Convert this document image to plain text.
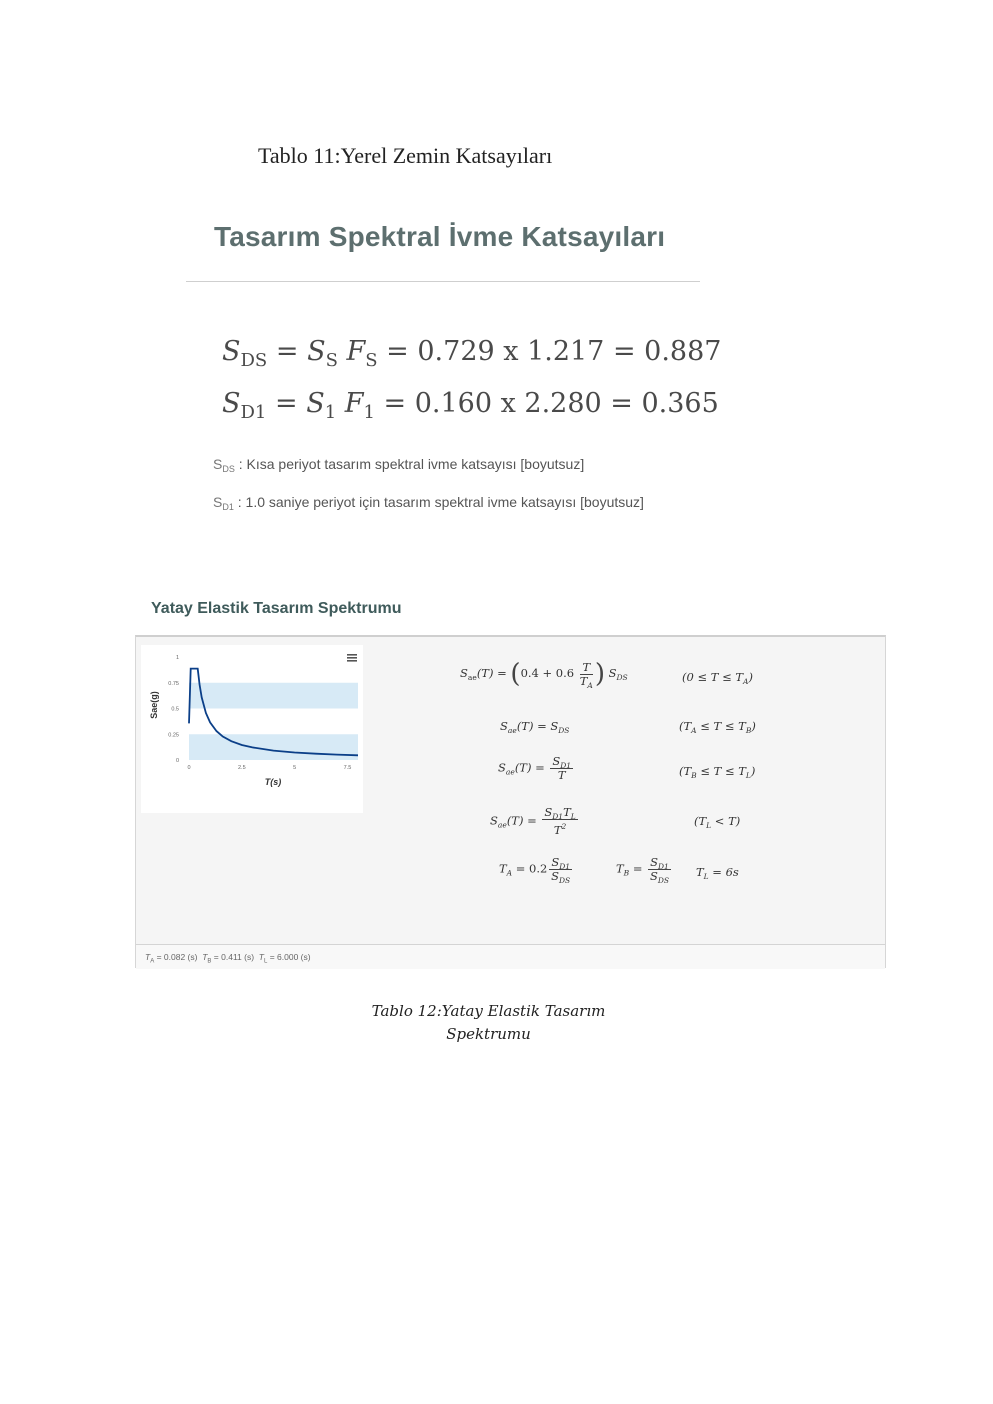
Tablo 11:Yerel Zemin Katsayıları
Tasarım Spektral İvme Katsayıları
$S_{DS} = S_S$ $F_S = 0.729$ x 1.217 = 0.887
$S_{D1} = S_1$ $F_1 = 0.160$ x 2.280 = 0.365
$S_{DS}$ : Kısa periyot tasarım spektral ivme katsayısı [boyutsuz]
$S_{D1}$ : 1.0 saniye periyot için tasarım spektral ivme katsayısı [boyutsuz]
Yatay Elastik Tasarım Spektrumu
0
0.25
0.5
0.75
1
0	2.5	5	7.5
Sae(g)
T(s)
$S_{ae}(T) = (0.4 + 0.6 \frac{T}{T_A}$ ) $S_{DS}$	$(0 \le T \le T_A)$
$S_{ae}(T) = S_{DS}$	$(T_A \le T \le T_B)$
$S_{ae}(T) = \frac{S_{D1}}{T}$	$(T_B \le T \le T_L)$
$S_{ae}(T) = \frac{S_{D1}T_L}{T^2}$	$(T_L < T)$
$T_A = 0.2 \frac{S_{D1}}{S_{DS}}$	$T_B = \frac{S_{D1}}{S_{DS}} T_L = 6s$
$T_A = 0.082$ (s) $T_B = 0.411$ (s) $T_L = 6.000$ (s)
Tablo 12:Yatay Elastik Tasarım
Spektrumu
